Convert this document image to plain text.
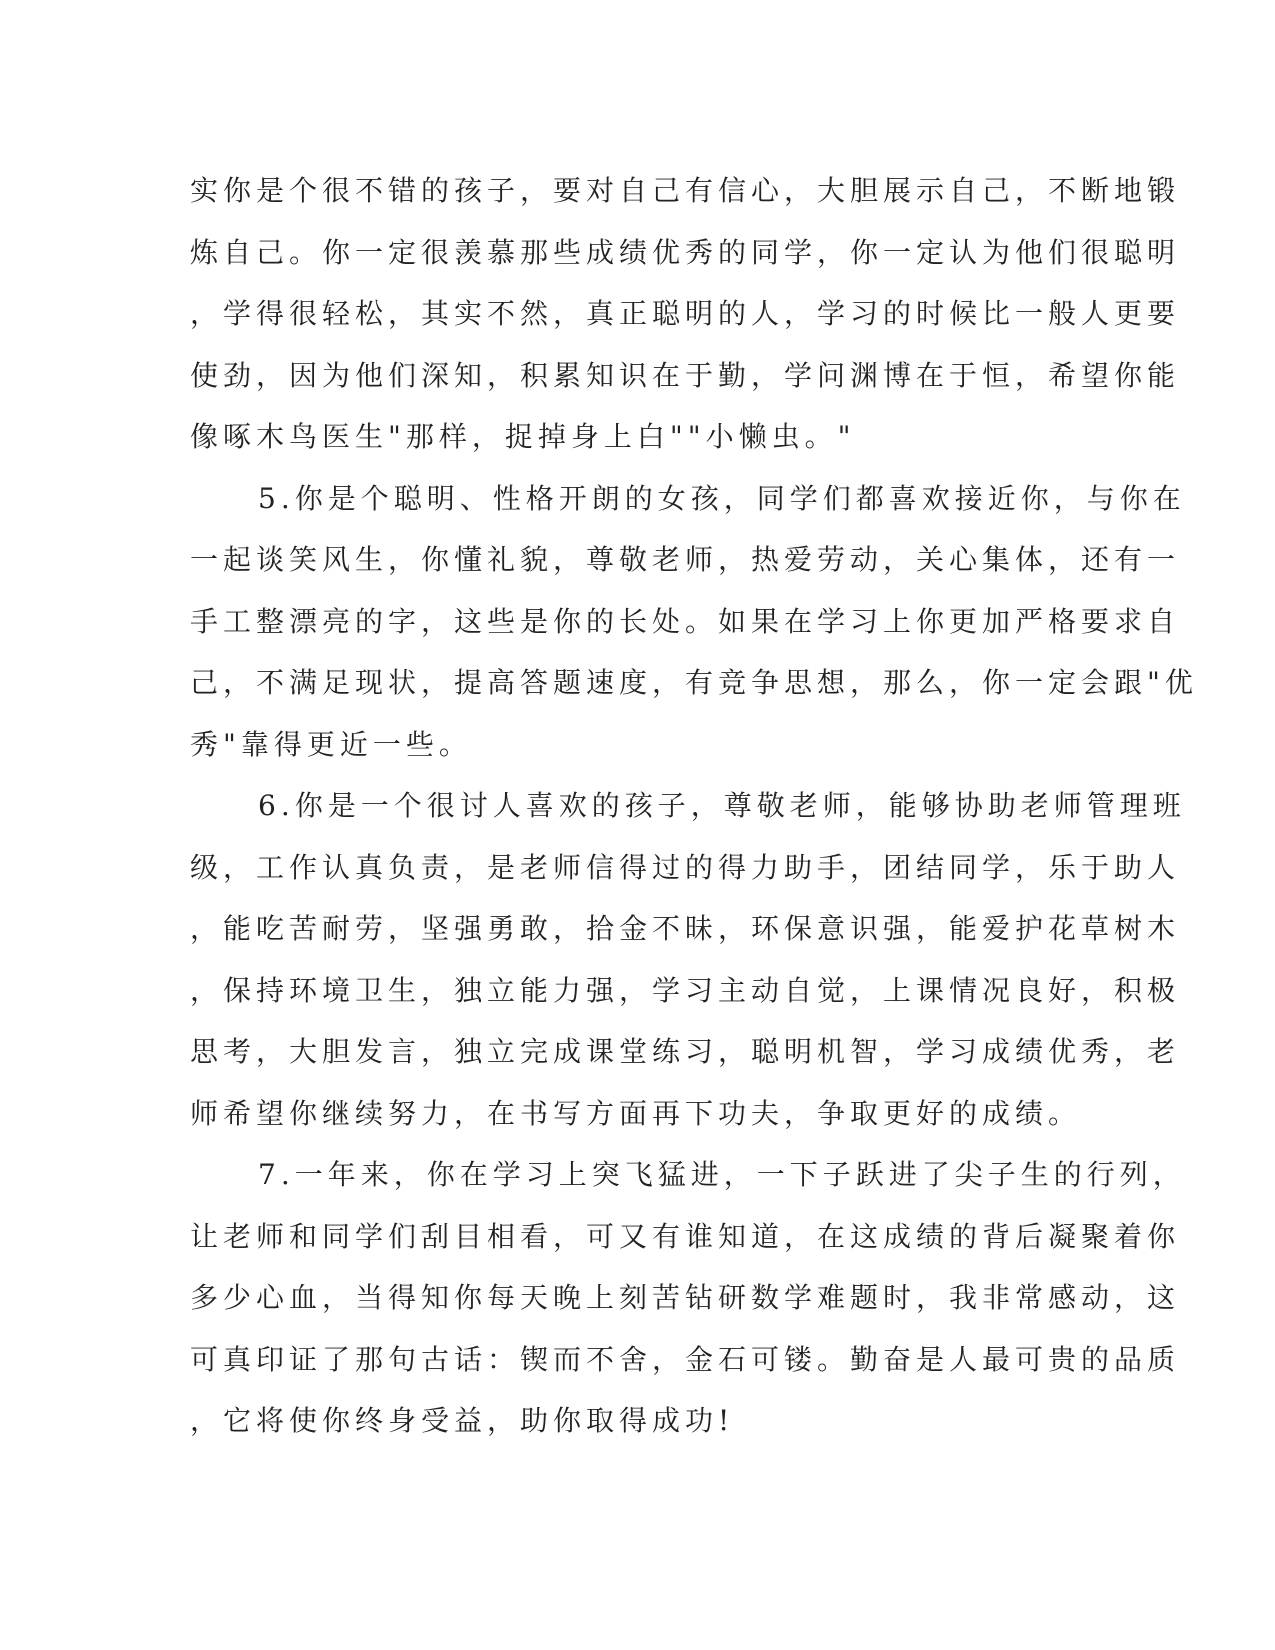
实你是个很不错的孩子，要对自己有信心，大胆展示自己，不断地锻
炼自己。你一定很羡慕那些成绩优秀的同学，你一定认为他们很聪明
，学得很轻松，其实不然，真正聪明的人，学习的时候比一般人更要
使劲，因为他们深知，积累知识在于勤，学问渊博在于恒，希望你能
像啄木鸟医生"那样，捉掉身上白""小懒虫。"
5.你是个聪明、性格开朗的女孩，同学们都喜欢接近你，与你在
一起谈笑风生，你懂礼貌，尊敬老师，热爱劳动，关心集体，还有一
手工整漂亮的字，这些是你的长处。如果在学习上你更加严格要求自
己，不满足现状，提高答题速度，有竞争思想，那么，你一定会跟"优
秀"靠得更近一些。
6.你是一个很讨人喜欢的孩子，尊敬老师，能够协助老师管理班
级，工作认真负责，是老师信得过的得力助手，团结同学，乐于助人
，能吃苦耐劳，坚强勇敢，拾金不昧，环保意识强，能爱护花草树木
，保持环境卫生，独立能力强，学习主动自觉，上课情况良好，积极
思考，大胆发言，独立完成课堂练习，聪明机智，学习成绩优秀，老
师希望你继续努力，在书写方面再下功夫，争取更好的成绩。
7.一年来，你在学习上突飞猛进，一下子跃进了尖子生的行列，
让老师和同学们刮目相看，可又有谁知道，在这成绩的背后凝聚着你
多少心血，当得知你每天晚上刻苦钻研数学难题时，我非常感动，这
可真印证了那句古话：锲而不舍，金石可镂。勤奋是人最可贵的品质
，它将使你终身受益，助你取得成功!
